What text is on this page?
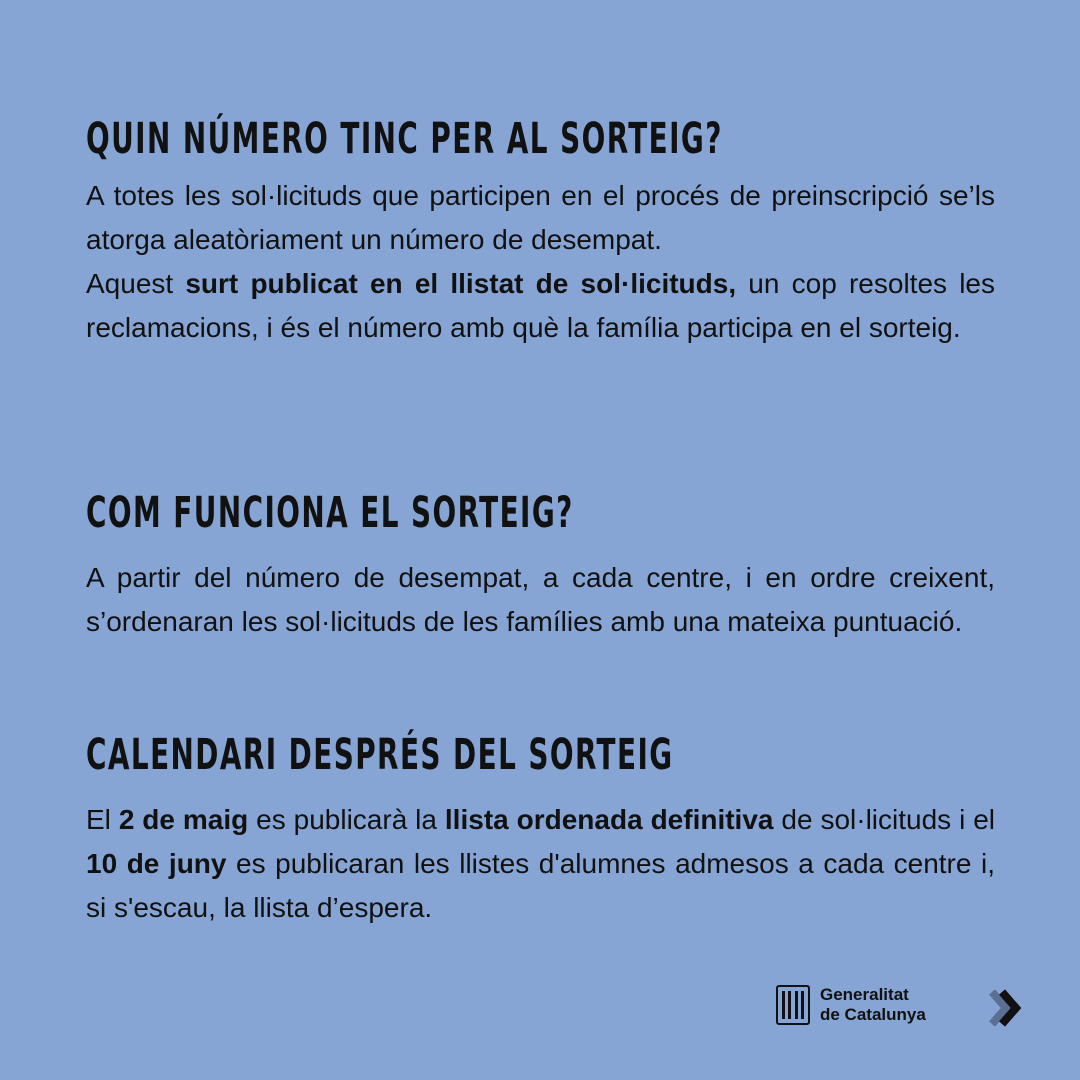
QUIN NÚMERO TINC PER AL SORTEIG?

A totes les sol·licituds que participen en el procés de preinscripció se’ls atorga aleatòriament un número de desempat.

Aquest surt publicat en el llistat de sol·licituds, un cop resoltes les reclamacions, i és el número amb què la família participa en el sorteig.

COM FUNCIONA EL SORTEIG?

A partir del número de desempat, a cada centre, i en ordre creixent, s’ordenaran les sol·licituds de les famílies amb una mateixa puntuació.

CALENDARI DESPRÉS DEL SORTEIG

El 2 de maig es publicarà la llista ordenada definitiva de sol·licituds i el 10 de juny es publicaran les llistes d'alumnes admesos a cada centre i, si s'escau, la llista d’espera.

Generalitat
de Catalunya
